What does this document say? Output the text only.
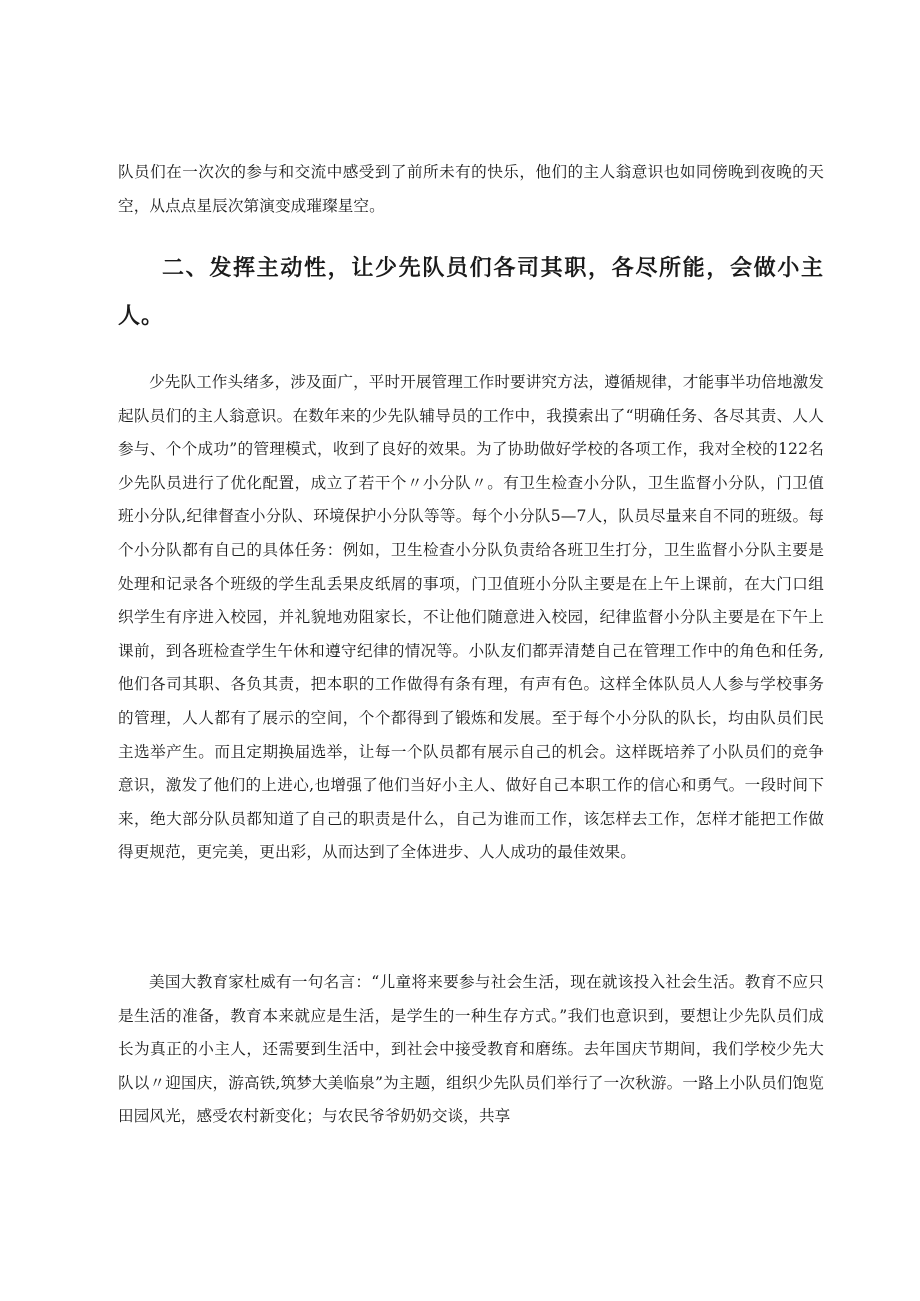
队员们在一次次的参与和交流中感受到了前所未有的快乐，他们的主人翁意识也如同傍晚到夜晚的天空，从点点星辰次第演变成璀璨星空。

二、发挥主动性，让少先队员们各司其职，各尽所能，会做小主人。

少先队工作头绪多，涉及面广，平时开展管理工作时要讲究方法，遵循规律，才能事半功倍地激发起队员们的主人翁意识。在数年来的少先队辅导员的工作中，我摸索出了“明确任务、各尽其责、人人参与、个个成功”的管理模式，收到了良好的效果。为了协助做好学校的各项工作，我对全校的122名少先队员进行了优化配置，成立了若干个〃小分队〃。有卫生检查小分队，卫生监督小分队，门卫值班小分队,纪律督查小分队、环境保护小分队等等。每个小分队5—7人，队员尽量来自不同的班级。每个小分队都有自己的具体任务：例如，卫生检查小分队负责给各班卫生打分，卫生监督小分队主要是处理和记录各个班级的学生乱丢果皮纸屑的事项，门卫值班小分队主要是在上午上课前，在大门口组织学生有序进入校园，并礼貌地劝阻家长，不让他们随意进入校园，纪律监督小分队主要是在下午上课前，到各班检查学生午休和遵守纪律的情况等。小队友们都弄清楚自己在管理工作中的角色和任务,他们各司其职、各负其责，把本职的工作做得有条有理，有声有色。这样全体队员人人参与学校事务的管理，人人都有了展示的空间，个个都得到了锻炼和发展。至于每个小分队的队长，均由队员们民主选举产生。而且定期换届选举，让每一个队员都有展示自己的机会。这样既培养了小队员们的竞争意识，激发了他们的上进心,也增强了他们当好小主人、做好自己本职工作的信心和勇气。一段时间下来，绝大部分队员都知道了自己的职责是什么，自己为谁而工作，该怎样去工作，怎样才能把工作做得更规范，更完美，更出彩，从而达到了全体进步、人人成功的最佳效果。

美国大教育家杜威有一句名言：“儿童将来要参与社会生活，现在就该投入社会生活。教育不应只是生活的准备，教育本来就应是生活，是学生的一种生存方式。”我们也意识到，要想让少先队员们成长为真正的小主人，还需要到生活中，到社会中接受教育和磨练。去年国庆节期间，我们学校少先大队以〃迎国庆，游高铁,筑梦大美临泉”为主题，组织少先队员们举行了一次秋游。一路上小队员们饱览田园风光，感受农村新变化；与农民爷爷奶奶交谈，共享
